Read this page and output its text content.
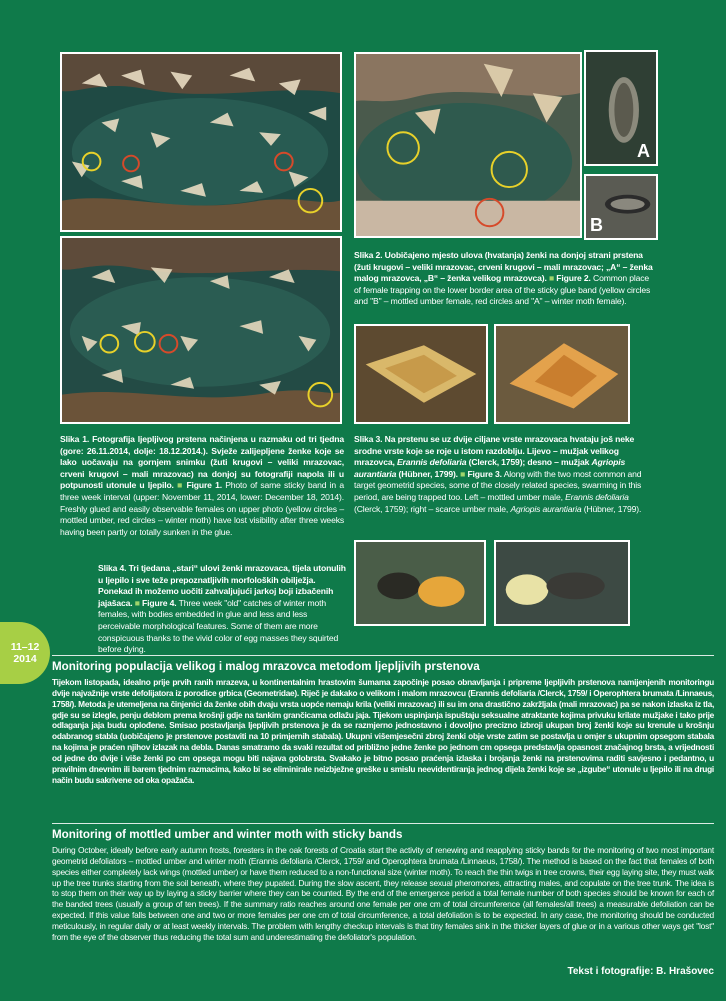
A
B
Slika 2. Uobičajeno mjesto ulova (hvatanja) ženki na donjoj strani prstena (žuti krugovi – veliki mrazovac, crveni krugovi – mali mrazovac; „A“ – ženka malog mrazovca, „B“ – ženka velikog mrazovca). ■ Figure 2. Common place of female trapping on the lower border area of the sticky glue band (yellow circles and "B" – mottled umber female, red circles and "A" – winter moth female).
Slika 3. Na prstenu se uz dvije ciljane vrste mrazovaca hvataju još neke srodne vrste koje se roje u istom razdoblju. Lijevo – mužjak velikog mrazovca, Erannis defoliaria (Clerck, 1759); desno – mužjak Agriopis aurantiaria (Hübner, 1799). ■ Figure 3. Along with the two most common and target geometrid species, some of the closely related species, swarming in this period, are being trapped too. Left – mottled umber male, Erannis defoliaria (Clerck, 1759); right – scarce umber male, Agriopis aurantiaria (Hübner, 1799).
Slika 1. Fotografija ljepljivog prstena načinjena u razmaku od tri tjedna (gore: 26.11.2014, dolje: 18.12.2014.). Svježe zalijepljene ženke koje se lako uočavaju na gornjem snimku (žuti krugovi – veliki mrazovac, crveni krugovi – mali mrazovac) na donjoj su fotografiji napola ili u potpunosti utonule u ljepilo. ■ Figure 1. Photo of same sticky band in a three week interval (upper: November 11, 2014, lower: December 18, 2014). Freshly glued and easily observable females on upper photo (yellow circles – mottled umber, red circles – winter moth) have lost visibility after three weeks having been partly or totally sunken in the glue.
Slika 4. Tri tjedana „stari“ ulovi ženki mrazovaca, tijela utonulih u ljepilo i sve teže prepoznatljivih morfoloških obilježja. Ponekad ih možemo uočiti zahvaljujući jarkoj boji izbačenih jajašaca. ■ Figure 4. Three week "old" catches of winter moth females, with bodies embedded in glue and less and less perceivable morphological features. Some of them are more conspicuous thanks to the vivid color of egg masses they squirted before dying.
11–12
2014
Monitoring populacija velikog i malog mrazovca metodom ljepljivih prstenova
Tijekom listopada, idealno prije prvih ranih mrazeva, u kontinentalnim hrastovim šumama započinje posao obnavljanja i pripreme ljepljivih prstenova namijenjenih monitoringu dvije najvažnije vrste defolijatora iz porodice grbica (Geometridae). Riječ je dakako o velikom i malom mrazovcu (Erannis defoliaria /Clerck, 1759/ i Operophtera brumata /Linnaeus, 1758/). Metoda je utemeljena na činjenici da ženke obih dvaju vrsta uopće nemaju krila (veliki mrazovac) ili su im ona drastično zakržljala (mali mrazovac) pa se nakon izlaska iz tla, gdje su se izlegle, penju deblom prema krošnji gdje na tankim grančicama odlažu jaja. Tijekom uspinjanja ispuštaju seksualne atraktante kojima privuku krilate mužjake i tako prije odlaganja jaja budu oplođene. Smisao postavljanja ljepljivih prstenova je da se razmjerno jednostavno i dovoljno precizno izbroji ukupan broj ženki koje su krenule u krošnju odabranog stabla (uobičajeno je prstenove postaviti na 10 primjernih stabala). Ukupni višemjesečni zbroj ženki obje vrste zatim se postavlja u omjer s ukupnim opsegom stabala na kojima je praćen njihov izlazak na debla. Danas smatramo da svaki rezultat od približno jedne ženke po jednom cm opsega predstavlja opasnost značajnog brsta, a vrijednosti od jedne do dvije i više ženki po cm opsega mogu biti najava golobrsta. Svakako je bitno posao praćenja izlaska i brojanja ženki na prstenovima raditi savjesno i pedantno, u pravilnim dnevnim ili barem tjednim razmacima, kako bi se eliminirale neizbježne greške u smislu neevidentiranja jednog dijela ženki koje se „izgube“ utonule u ljepilo ili na drugi način budu sakrivene od oka opažača.
Monitoring of mottled umber and winter moth with sticky bands
During October, ideally before early autumn frosts, foresters in the oak forests of Croatia start the activity of renewing and reapplying sticky bands for the monitoring of two most important geometrid defoliators – mottled umber and winter moth (Erannis defoliaria /Clerck, 1759/ and Operophtera brumata /Linnaeus, 1758/). The method is based on the fact that females of both species either completely lack wings (mottled umber) or have them reduced to a non-functional size (winter moth). To reach the thin twigs in tree crowns, their egg laying site, they must walk up the tree trunks starting from the soil beneath, where they pupated. During the slow ascent, they release sexual pheromones, attracting males, and copulate on the tree trunk. The idea is to stop them on their way up by laying a sticky barrier where they can be counted. By the end of the emergence period a total female number of both species should be known for each of the banded trees (usually a group of ten trees). If the summary ratio reaches around one female per one cm of total circumference (all females/all trees) a measurable defoliation can be expected. If this value falls between one and two or more females per one cm of total circumference, a total defoliation is to be expected. In any case, the monitoring should be conducted meticulously, in regular daily or at least weekly intervals. The problem with lengthy checkup intervals is that tiny females sink in the thicker layers of glue or in a various other ways get "lost" from the eye of the observer thus reducing the total sum and underestimating the defoliator's population.
Tekst i fotografije: B. Hrašovec
